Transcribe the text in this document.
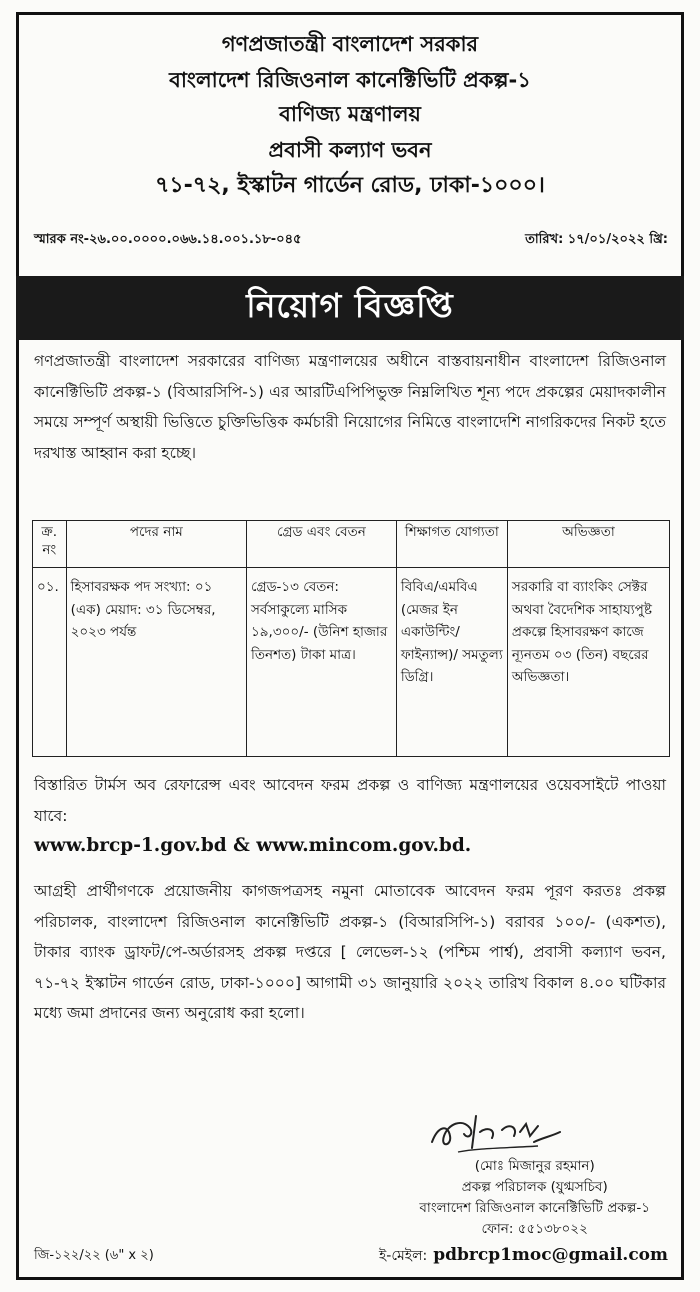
গণপ্রজাতন্ত্রী বাংলাদেশ সরকার
বাংলাদেশ রিজিওনাল কানেক্টিভিটি প্রকল্প-১
বাণিজ্য মন্ত্রণালয়
প্রবাসী কল্যাণ ভবন
৭১-৭২, ইস্কাটন গার্ডেন রোড, ঢাকা-১০০০।
স্মারক নং-২৬.০০.০০০০.০৬৬.১৪.০০১.১৮-০৪৫	তারিখ: ১৭/০১/২০২২ খ্রি:
নিয়োগ বিজ্ঞপ্তি
গণপ্রজাতন্ত্রী বাংলাদেশ সরকারের বাণিজ্য মন্ত্রণালয়ের অধীনে বাস্তবায়নাধীন বাংলাদেশ রিজিওনাল কানেক্টিভিটি প্রকল্প-১ (বিআরসিপি-১) এর আরটিএপিপিভুক্ত নিম্নলিখিত শূন্য পদে প্রকল্পের মেয়াদকালীন সময়ে সম্পূর্ণ অস্থায়ী ভিত্তিতে চুক্তিভিত্তিক কর্মচারী নিয়োগের নিমিত্তে বাংলাদেশি নাগরিকদের নিকট হতে দরখাস্ত আহ্বান করা হচ্ছে।
ক্র. নং	পদের নাম	গ্রেড এবং বেতন	শিক্ষাগত যোগ্যতা	অভিজ্ঞতা
০১.	হিসাবরক্ষক পদ সংখ্যা: ০১ (এক) মেয়াদ: ৩১ ডিসেম্বর, ২০২৩ পর্যন্ত	গ্রেড-১৩ বেতন: সর্বসাকুল্যে মাসিক ১৯,৩০০/- (উনিশ হাজার তিনশত) টাকা মাত্র।	বিবিএ/এমবিএ (মেজর ইন একাউন্টিং/ ফাইন্যান্স)/ সমতুল্য ডিগ্রি।	সরকারি বা ব্যাংকিং সেক্টর অথবা বৈদেশিক সাহায্যপুষ্ট প্রকল্পে হিসাবরক্ষণ কাজে ন্যূনতম ০৩ (তিন) বছরের অভিজ্ঞতা।
বিস্তারিত টার্মস অব রেফারেন্স এবং আবেদন ফরম প্রকল্প ও বাণিজ্য মন্ত্রণালয়ের ওয়েবসাইটে পাওয়া যাবে:
www.brcp-1.gov.bd & www.mincom.gov.bd.
আগ্রহী প্রার্থীগণকে প্রয়োজনীয় কাগজপত্রসহ নমুনা মোতাবেক আবেদন ফরম পূরণ করতঃ প্রকল্প পরিচালক, বাংলাদেশ রিজিওনাল কানেক্টিভিটি প্রকল্প-১ (বিআরসিপি-১) বরাবর ১০০/- (একশত), টাকার ব্যাংক ড্রাফট/পে-অর্ডারসহ প্রকল্প দপ্তরে [ লেভেল-১২ (পশ্চিম পার্শ্ব), প্রবাসী কল্যাণ ভবন, ৭১-৭২ ইস্কাটন গার্ডেন রোড, ঢাকা-১০০০] আগামী ৩১ জানুয়ারি ২০২২ তারিখ বিকাল ৪.০০ ঘটিকার মধ্যে জমা প্রদানের জন্য অনুরোধ করা হলো।
(মোঃ মিজানুর রহমান)
প্রকল্প পরিচালক (যুগ্মসচিব)
বাংলাদেশ রিজিওনাল কানেক্টিভিটি প্রকল্প-১
ফোন: ৫৫১৩৮০২২
জি-১২২/২২ (৬" x ২)	ই-মেইল: pdbrcp1moc@gmail.com
